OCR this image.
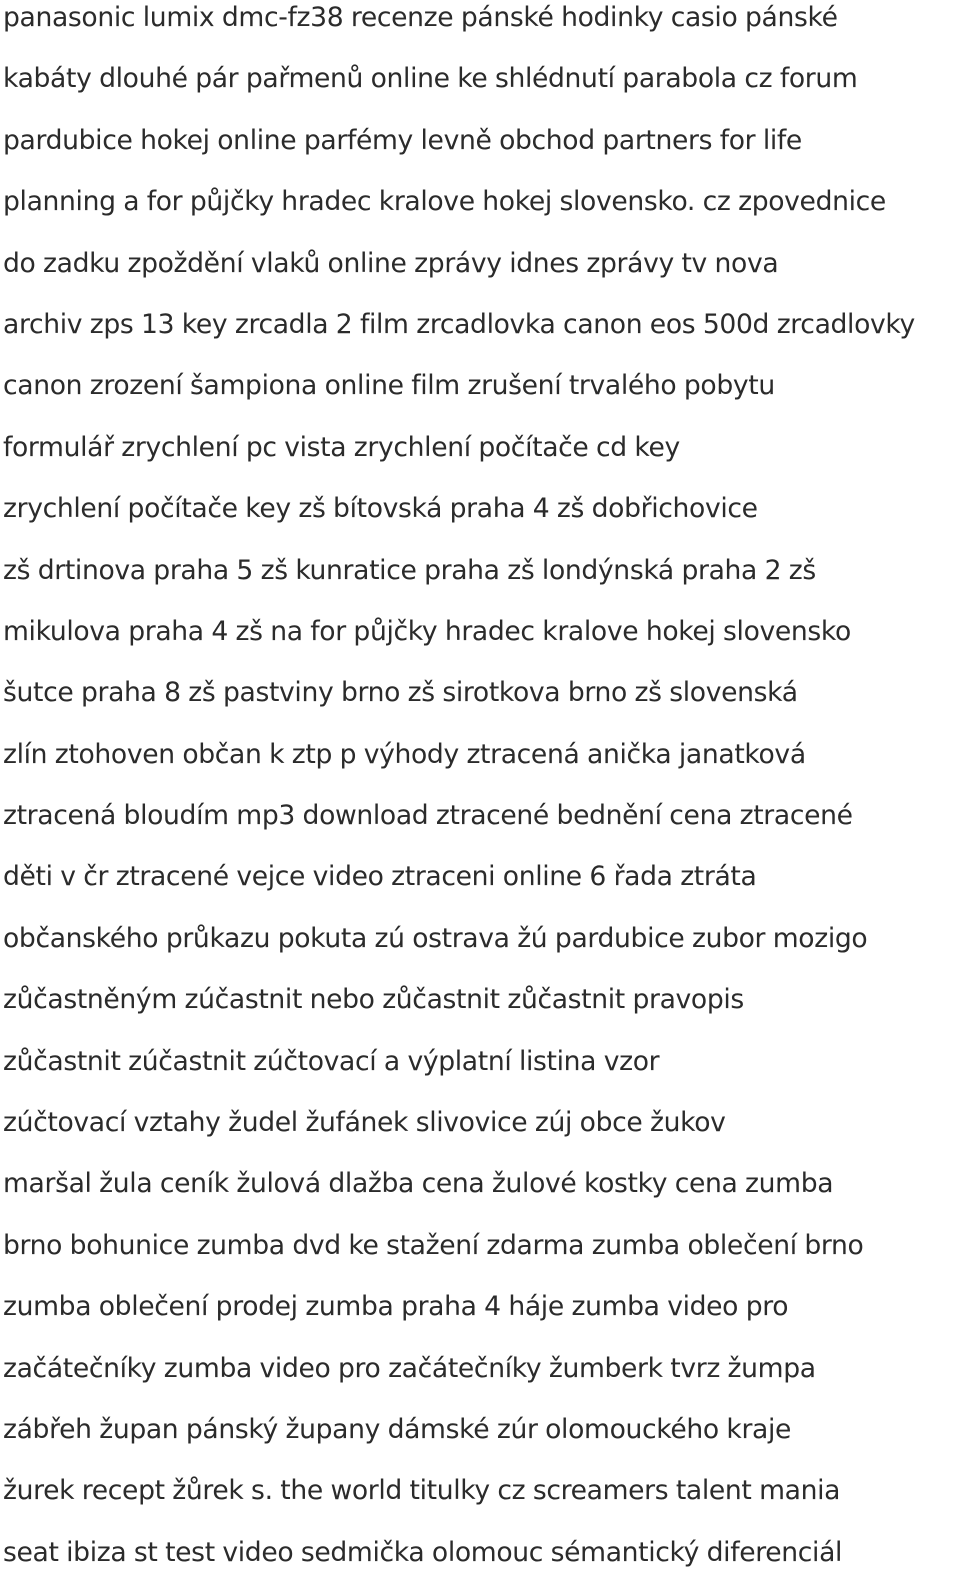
panasonic lumix dmc-fz38 recenze pánské hodinky casio pánské
kabáty dlouhé pár pařmenů online ke shlédnutí parabola cz forum
pardubice hokej online parfémy levně obchod partners for life
planning a for půjčky hradec kralove hokej slovensko. cz zpovednice
do zadku zpoždění vlaků online zprávy idnes zprávy tv nova
archiv zps 13 key zrcadla 2 film zrcadlovka canon eos 500d zrcadlovky
canon zrození šampiona online film zrušení trvalého pobytu
formulář zrychlení pc vista zrychlení počítače cd key
zrychlení počítače key zš bítovská praha 4 zš dobřichovice
zš drtinova praha 5 zš kunratice praha zš londýnská praha 2 zš
mikulova praha 4 zš na for půjčky hradec kralove hokej slovensko
šutce praha 8 zš pastviny brno zš sirotkova brno zš slovenská
zlín ztohoven občan k ztp p výhody ztracená anička janatková
ztracená bloudím mp3 download ztracené bednění cena ztracené
děti v čr ztracené vejce video ztraceni online 6 řada ztráta
občanského průkazu pokuta zú ostrava žú pardubice zubor mozigo
zůčastněným zúčastnit nebo zůčastnit zůčastnit pravopis
zůčastnit zúčastnit zúčtovací a výplatní listina vzor
zúčtovací vztahy žudel žufánek slivovice zúj obce žukov
maršal žula ceník žulová dlažba cena žulové kostky cena zumba
brno bohunice zumba dvd ke stažení zdarma zumba oblečení brno
zumba oblečení prodej zumba praha 4 háje zumba video pro
začátečníky zumba video pro začátečníky žumberk tvrz žumpa
zábřeh župan pánský župany dámské zúr olomouckého kraje
žurek recept žůrek s. the world titulky cz screamers talent mania
seat ibiza st test video sedmička olomouc sémantický diferenciál
